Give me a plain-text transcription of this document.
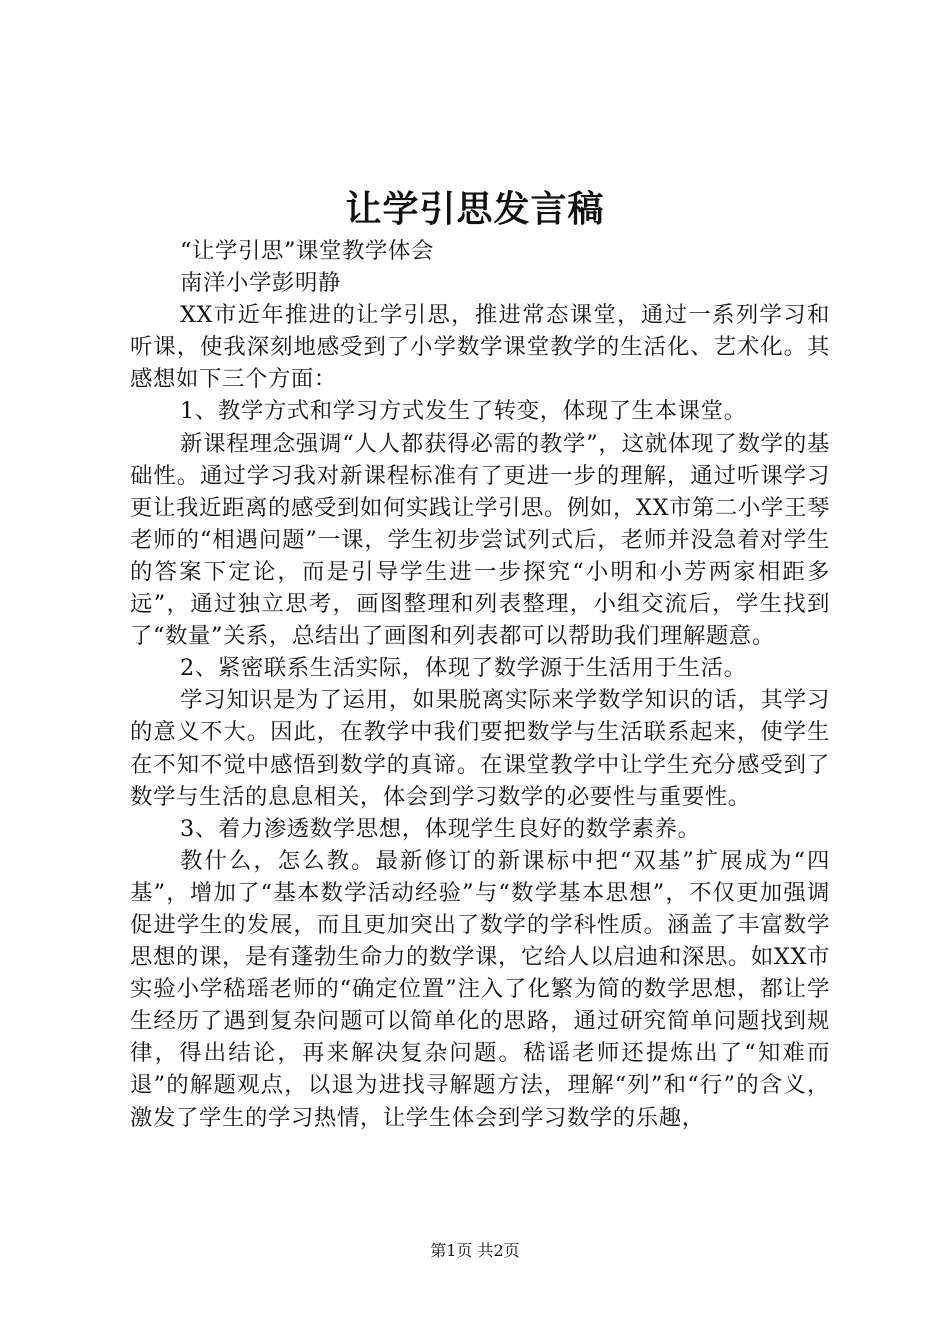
让学引思发言稿

“让学引思”课堂教学体会

南洋小学彭明静

XX市近年推进的让学引思，推进常态课堂，通过一系列学习和听课，使我深刻地感受到了小学数学课堂教学的生活化、艺术化。其感想如下三个方面：

1、教学方式和学习方式发生了转变，体现了生本课堂。

新课程理念强调“人人都获得必需的教学”，这就体现了数学的基础性。通过学习我对新课程标准有了更进一步的理解，通过听课学习更让我近距离的感受到如何实践让学引思。例如，XX市第二小学王琴老师的“相遇问题”一课，学生初步尝试列式后，老师并没急着对学生的答案下定论，而是引导学生进一步探究“小明和小芳两家相距多远”，通过独立思考，画图整理和列表整理，小组交流后，学生找到了“数量”关系，总结出了画图和列表都可以帮助我们理解题意。

2、紧密联系生活实际，体现了数学源于生活用于生活。

学习知识是为了运用，如果脱离实际来学数学知识的话，其学习的意义不大。因此，在教学中我们要把数学与生活联系起来，使学生在不知不觉中感悟到数学的真谛。在课堂教学中让学生充分感受到了数学与生活的息息相关，体会到学习数学的必要性与重要性。

3、着力渗透数学思想，体现学生良好的数学素养。

教什么，怎么教。最新修订的新课标中把“双基”扩展成为“四基”，增加了“基本数学活动经验”与“数学基本思想”，不仅更加强调促进学生的发展，而且更加突出了数学的学科性质。涵盖了丰富数学思想的课，是有蓬勃生命力的数学课，它给人以启迪和深思。如XX市实验小学嵇瑶老师的“确定位置”注入了化繁为简的数学思想，都让学生经历了遇到复杂问题可以简单化的思路，通过研究简单问题找到规律，得出结论，再来解决复杂问题。嵇谣老师还提炼出了“知难而退”的解题观点，以退为进找寻解题方法，理解“列”和“行”的含义，激发了学生的学习热情，让学生体会到学习数学的乐趣，

第1页 共2页
